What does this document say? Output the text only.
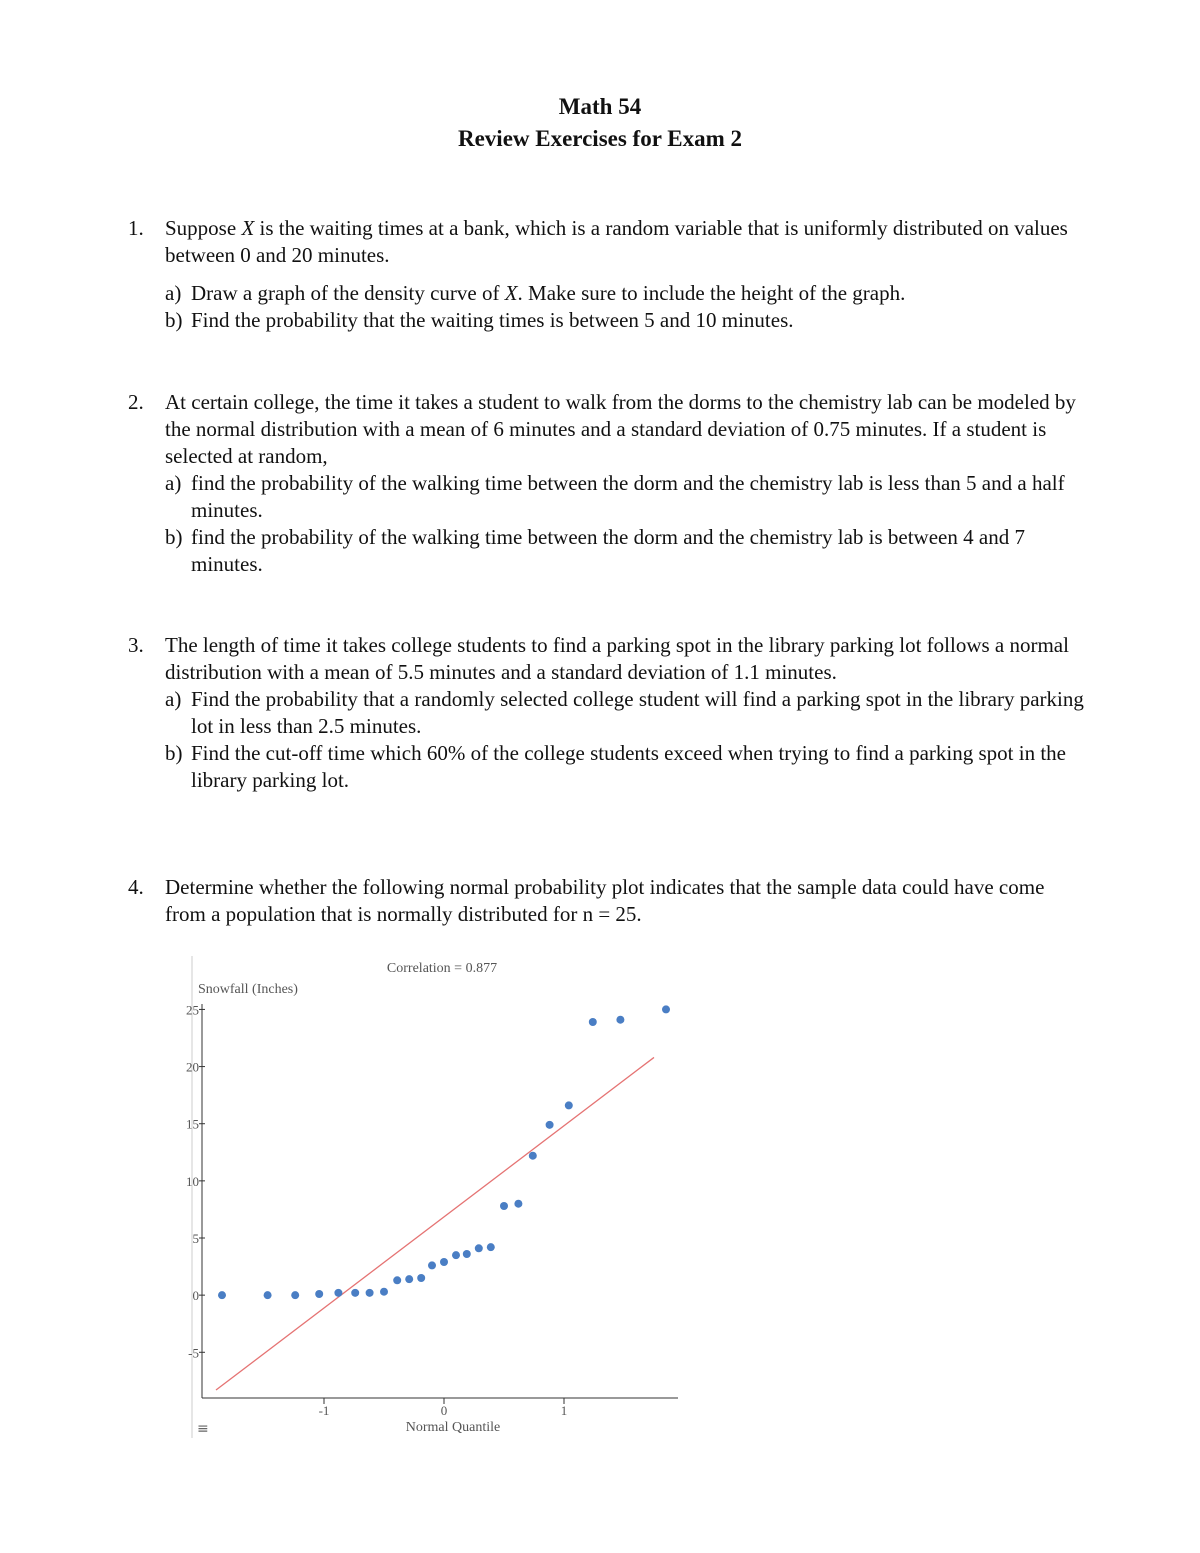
Math 54
Review Exercises for Exam 2
1. Suppose X is the waiting times at a bank, which is a random variable that is uniformly distributed on values between 0 and 20 minutes.

a) Draw a graph of the density curve of X. Make sure to include the height of the graph.
b) Find the probability that the waiting times is between 5 and 10 minutes.
2. At certain college, the time it takes a student to walk from the dorms to the chemistry lab can be modeled by the normal distribution with a mean of 6 minutes and a standard deviation of 0.75 minutes. If a student is selected at random,

a) find the probability of the walking time between the dorm and the chemistry lab is less than 5 and a half minutes.
b) find the probability of the walking time between the dorm and the chemistry lab is between 4 and 7 minutes.
3. The length of time it takes college students to find a parking spot in the library parking lot follows a normal distribution with a mean of 5.5 minutes and a standard deviation of 1.1 minutes.

a) Find the probability that a randomly selected college student will find a parking spot in the library parking lot in less than 2.5 minutes.
b) Find the cut-off time which 60% of the college students exceed when trying to find a parking spot in the library parking lot.
4. Determine whether the following normal probability plot indicates that the sample data could have come from a population that is normally distributed for n = 25.

Correlation = 0.877
Snowfall (Inches)
Normal Quantile
25
20
15
10
5
0
-5
-1	0	1
≡
